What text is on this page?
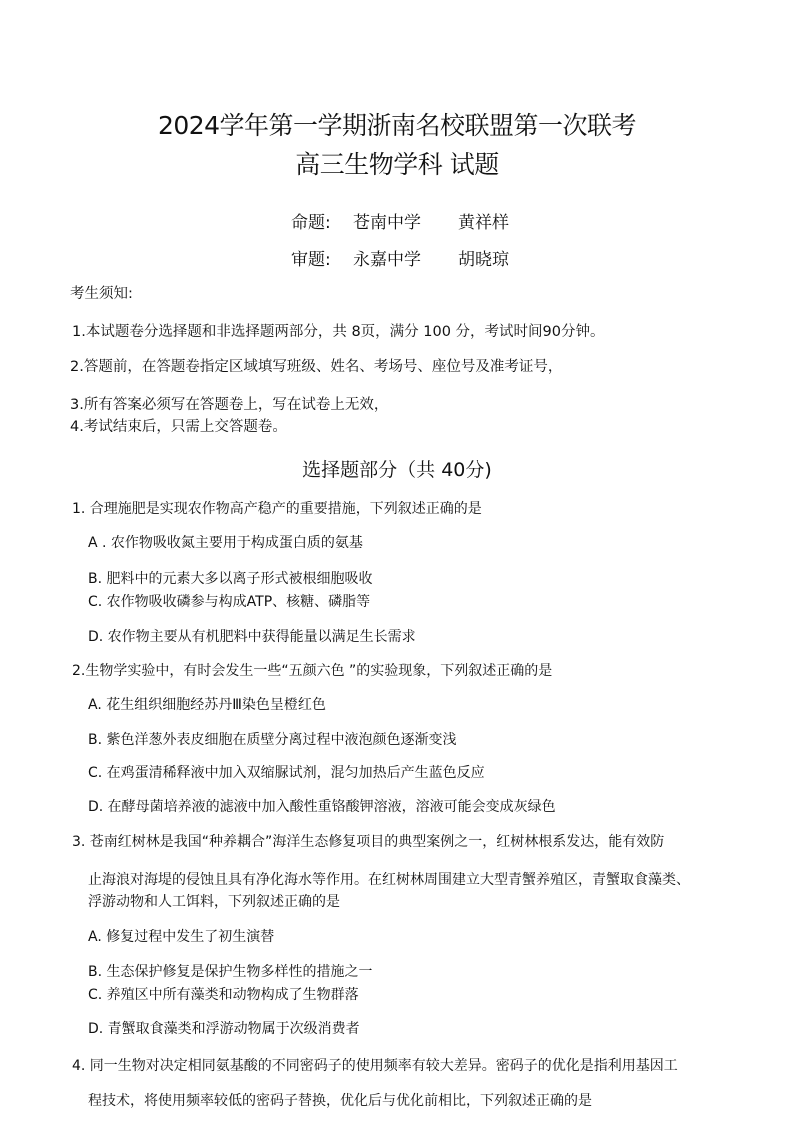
2024学年第一学期浙南名校联盟第一次联考
高三生物学科 试题
命题: 苍南中学 黄祥样
审题: 永嘉中学 胡晓琼
考生须知:
1.本试题卷分选择题和非选择题两部分，共 8页，满分 100 分，考试时间90分钟。
2.答题前，在答题卷指定区域填写班级、姓名、考场号、座位号及准考证号，
3.所有答案必须写在答题卷上，写在试卷上无效，
4.考试结束后，只需上交答题卷。
选择题部分（共 40分)
1. 合理施肥是实现农作物高产稳产的重要措施，下列叙述正确的是
A . 农作物吸收氮主要用于构成蛋白质的氨基
B. 肥料中的元素大多以离子形式被根细胞吸收
C. 农作物吸收磷参与构成ATP、核糖、磷脂等
D. 农作物主要从有机肥料中获得能量以满足生长需求
2.生物学实验中，有时会发生一些“五颜六色 ”的实验现象，下列叙述正确的是
A. 花生组织细胞经苏丹Ⅲ染色呈橙红色
B. 紫色洋葱外表皮细胞在质壁分离过程中液泡颜色逐渐变浅
C. 在鸡蛋清稀释液中加入双缩脲试剂，混匀加热后产生蓝色反应
D. 在酵母菌培养液的滤液中加入酸性重铬酸钾溶液，溶液可能会变成灰绿色
3. 苍南红树林是我国“种养耦合”海洋生态修复项目的典型案例之一，红树林根系发达，能有效防
止海浪对海堤的侵蚀且具有净化海水等作用。在红树林周围建立大型青蟹养殖区，青蟹取食藻类、
浮游动物和人工饵料，下列叙述正确的是
A. 修复过程中发生了初生演替
B. 生态保护修复是保护生物多样性的措施之一
C. 养殖区中所有藻类和动物构成了生物群落
D. 青蟹取食藻类和浮游动物属于次级消费者
4. 同一生物对决定相同氨基酸的不同密码子的使用频率有较大差异。密码子的优化是指利用基因工
程技术，将使用频率较低的密码子替换，优化后与优化前相比，下列叙述正确的是
